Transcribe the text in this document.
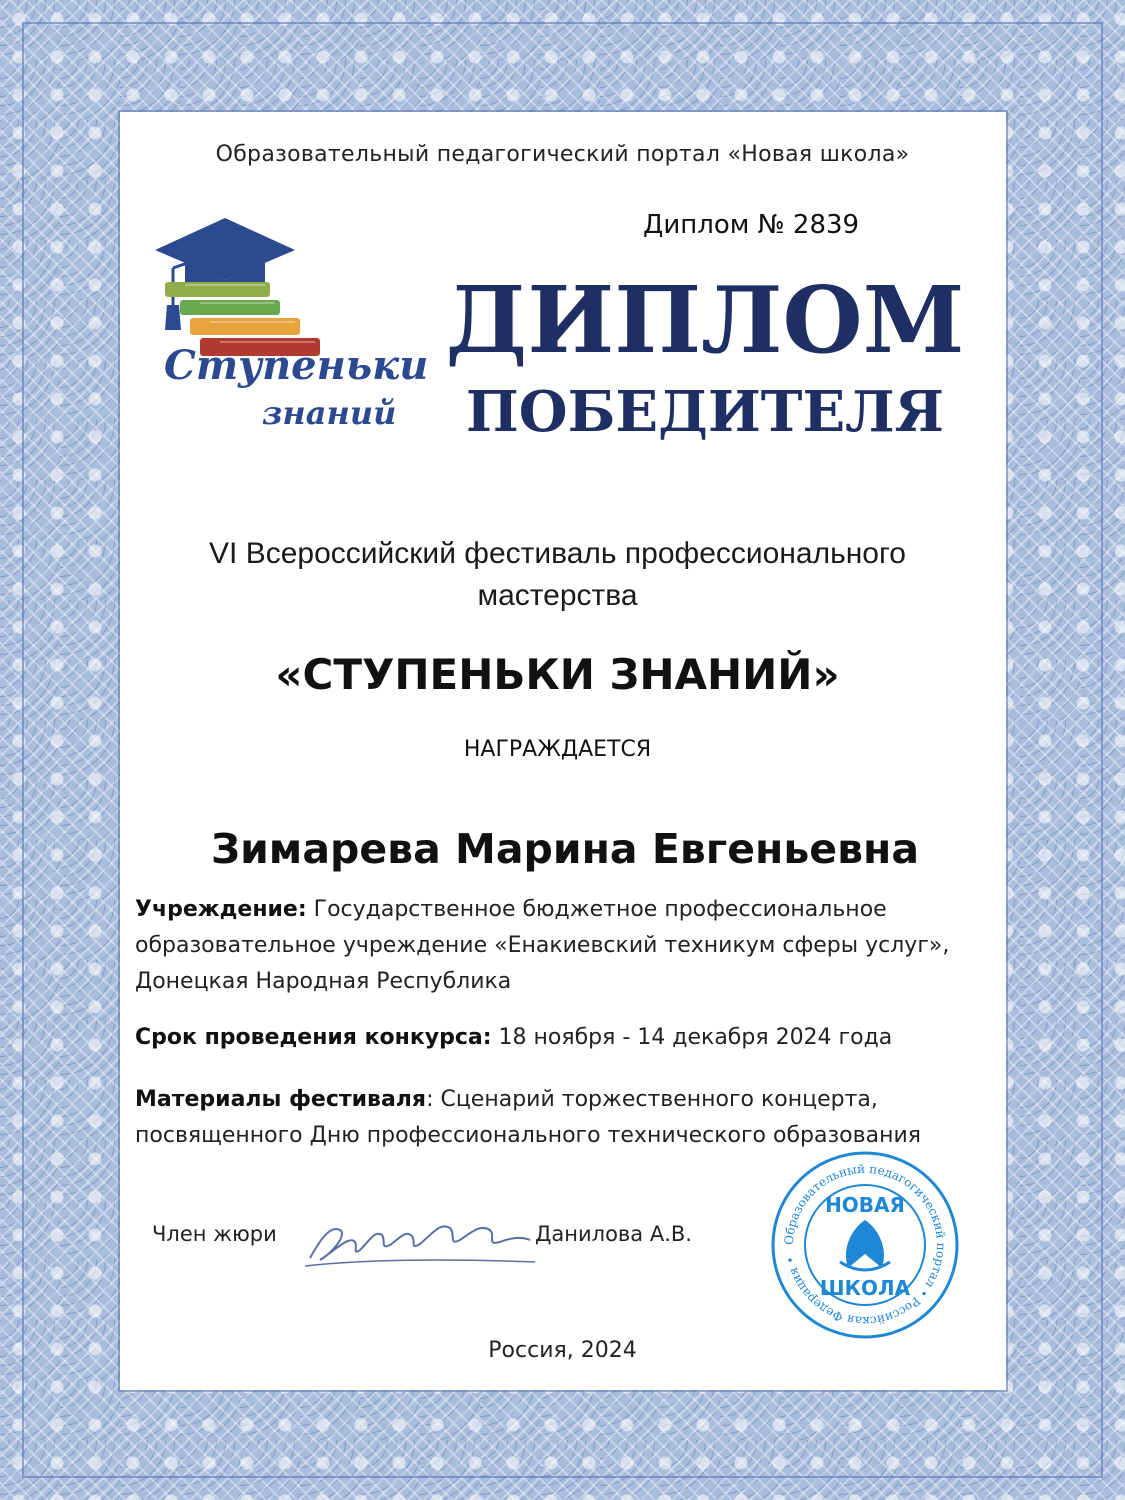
Образовательный педагогический портал «Новая школа»
Диплом № 2839
Ступеньки
знаний
ДИПЛОМ
ПОБЕДИТЕЛЯ
VI Всероссийский фестиваль профессионального мастерства
«СТУПЕНЬКИ ЗНАНИЙ»
НАГРАЖДАЕТСЯ
Зимарева Марина Евгеньевна
Учреждение: Государственное бюджетное профессиональное образовательное учреждение «Енакиевский техникум сферы услуг», Донецкая Народная Республика
Срок проведения конкурса: 18 ноября - 14 декабря 2024 года
Материалы фестиваля: Сценарий торжественного концерта, посвященного Дню профессионального технического образования
Член жюри	Данилова А.В.	Образовательный педагогический портал • Российская Федерация •
НОВАЯ
ШКОЛА
Россия, 2024
